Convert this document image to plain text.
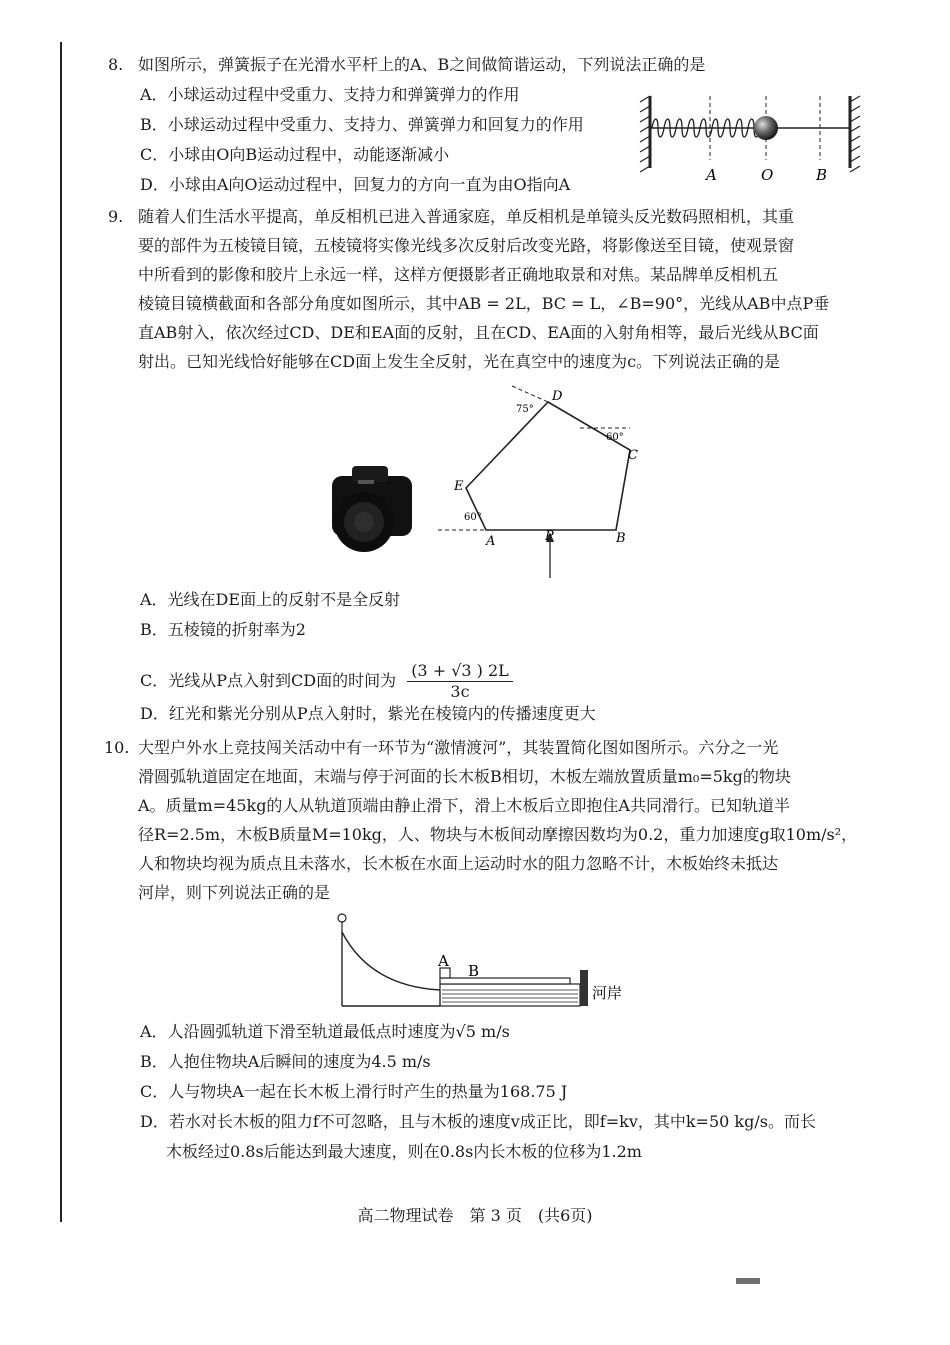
8. 如图所示，弹簧振子在光滑水平杆上的A、B之间做简谐运动，下列说法正确的是
A．小球运动过程中受重力、支持力和弹簧弹力的作用
B．小球运动过程中受重力、支持力、弹簧弹力和回复力的作用
C．小球由O向B运动过程中，动能逐渐减小
D．小球由A向O运动过程中，回复力的方向一直为由O指向A	A	O	B
9. 随着人们生活水平提高，单反相机已进入普通家庭，单反相机是单镜头反光数码照相机，其重
要的部件为五棱镜目镜，五棱镜将实像光线多次反射后改变光路，将影像送至目镜，使观景窗
中所看到的影像和胶片上永远一样，这样方便摄影者正确地取景和对焦。某品牌单反相机五
棱镜目镜横截面和各部分角度如图所示，其中AB = 2L，BC = L，∠B=90°，光线从AB中点P垂
直AB射入，依次经过CD、DE和EA面的反射，且在CD、EA面的入射角相等，最后光线从BC面
射出。已知光线恰好能够在CD面上发生全反射，光在真空中的速度为c。下列说法正确的是
D
C
E
A	P	B
75°
60°
60°
A．光线在DE面上的反射不是全反射
B．五棱镜的折射率为2
C．光线从P点入射到CD面的时间为 $\frac{(3 + √3 ) 2L}{3c}$
D．红光和紫光分别从P点入射时，紫光在棱镜内的传播速度更大
10. 大型户外水上竞技闯关活动中有一环节为“激情渡河”，其装置简化图如图所示。六分之一光
滑圆弧轨道固定在地面，末端与停于河面的长木板B相切，木板左端放置质量m₀=5kg的物块
A。质量m=45kg的人从轨道顶端由静止滑下，滑上木板后立即抱住A共同滑行。已知轨道半
径R=2.5m，木板B质量M=10kg，人、物块与木板间动摩擦因数均为0.2，重力加速度g取10m/s²，
人和物块均视为质点且未落水，长木板在水面上运动时水的阻力忽略不计，木板始终未抵达
河岸，则下列说法正确的是
A
B
河岸
A．人沿圆弧轨道下滑至轨道最低点时速度为√5 m/s
B．人抱住物块A后瞬间的速度为4.5 m/s
C．人与物块A一起在长木板上滑行时产生的热量为168.75 J
D．若水对长木板的阻力f不可忽略，且与木板的速度v成正比，即f=kv，其中k=50 kg/s。而长
木板经过0.8s后能达到最大速度，则在0.8s内长木板的位移为1.2m
高二物理试卷　第 3 页　(共6页)
